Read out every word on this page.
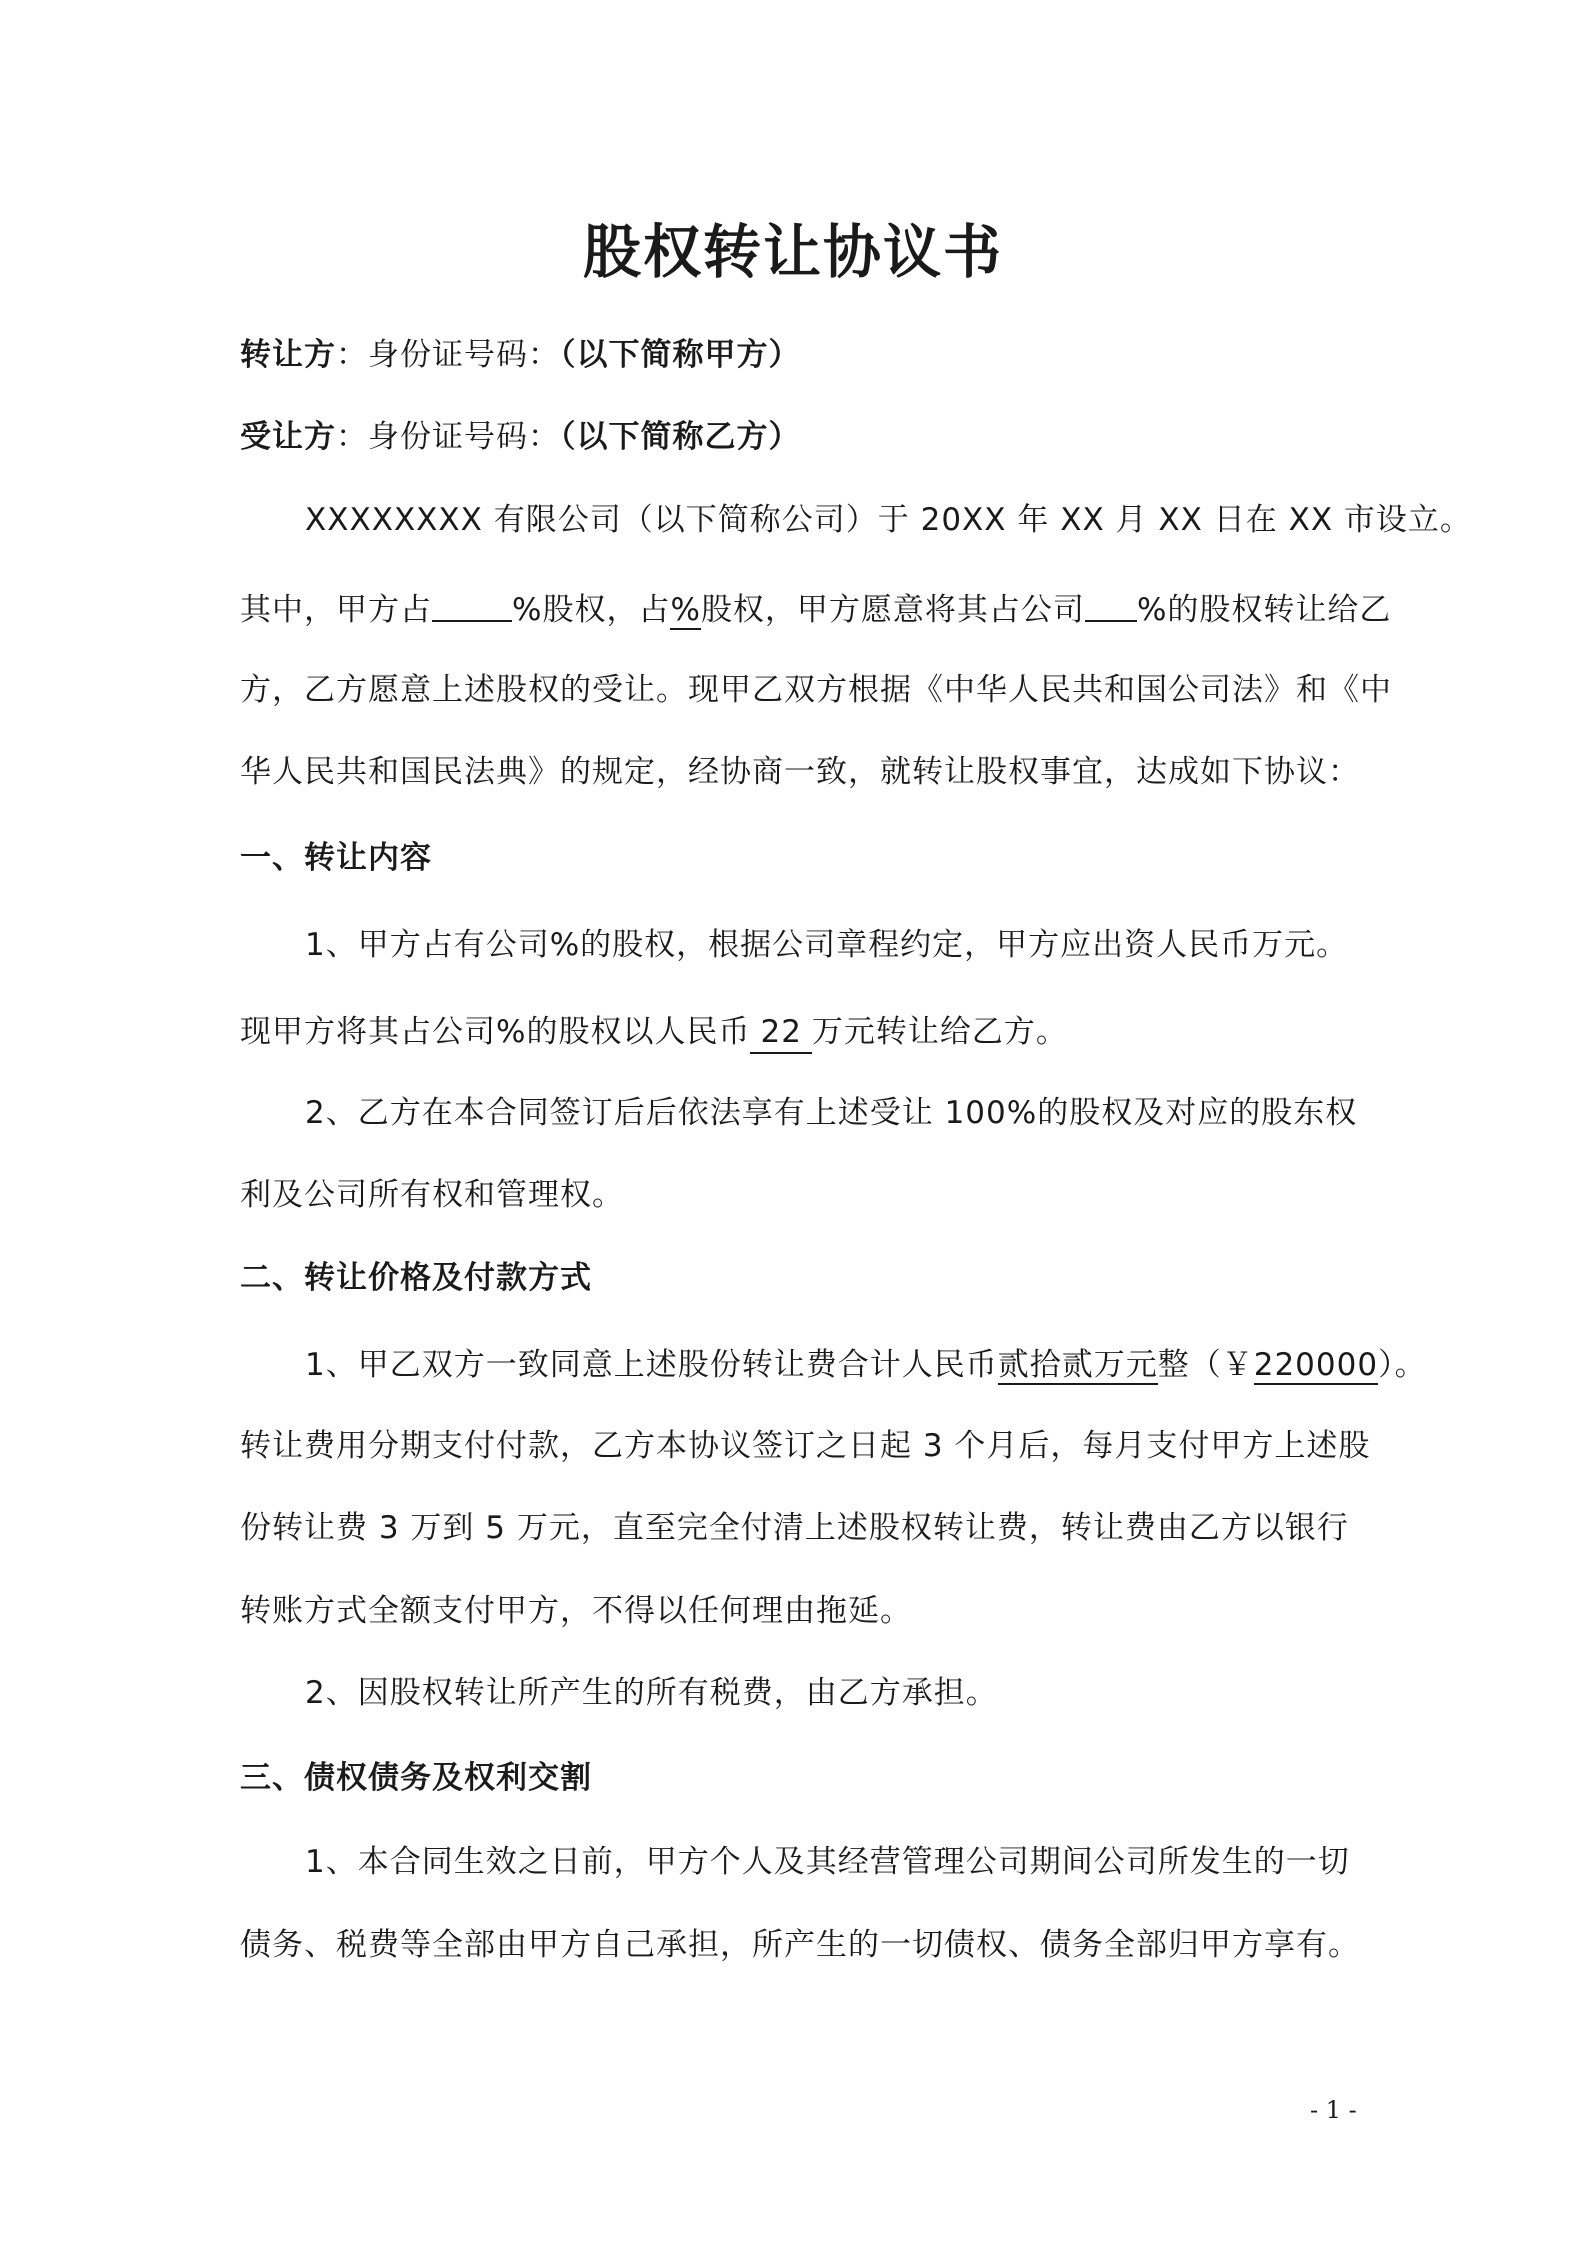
股权转让协议书
转让方：身份证号码：（以下简称甲方）
受让方：身份证号码：（以下简称乙方）
XXXXXXXX 有限公司（以下简称公司）于 20XX 年 XX 月 XX 日在 XX 市设立。
其中，甲方占	%股权，占%股权，甲方愿意将其占公司 %的股权转让给乙
方，乙方愿意上述股权的受让。现甲乙双方根据《中华人民共和国公司法》和《中
华人民共和国民法典》的规定，经协商一致，就转让股权事宜，达成如下协议：
一、转让内容
1、甲方占有公司%的股权，根据公司章程约定，甲方应出资人民币万元。
现甲方将其占公司%的股权以人民币 22 万元转让给乙方。
2、乙方在本合同签订后后依法享有上述受让 100%的股权及对应的股东权
利及公司所有权和管理权。
二、转让价格及付款方式
1、甲乙双方一致同意上述股份转让费合计人民币贰拾贰万元整（￥220000）。
转让费用分期支付付款，乙方本协议签订之日起 3 个月后，每月支付甲方上述股
份转让费 3 万到 5 万元，直至完全付清上述股权转让费，转让费由乙方以银行
转账方式全额支付甲方，不得以任何理由拖延。
2、因股权转让所产生的所有税费，由乙方承担。
三、债权债务及权利交割
1、本合同生效之日前，甲方个人及其经营管理公司期间公司所发生的一切
债务、税费等全部由甲方自己承担，所产生的一切债权、债务全部归甲方享有。
- 1 -
